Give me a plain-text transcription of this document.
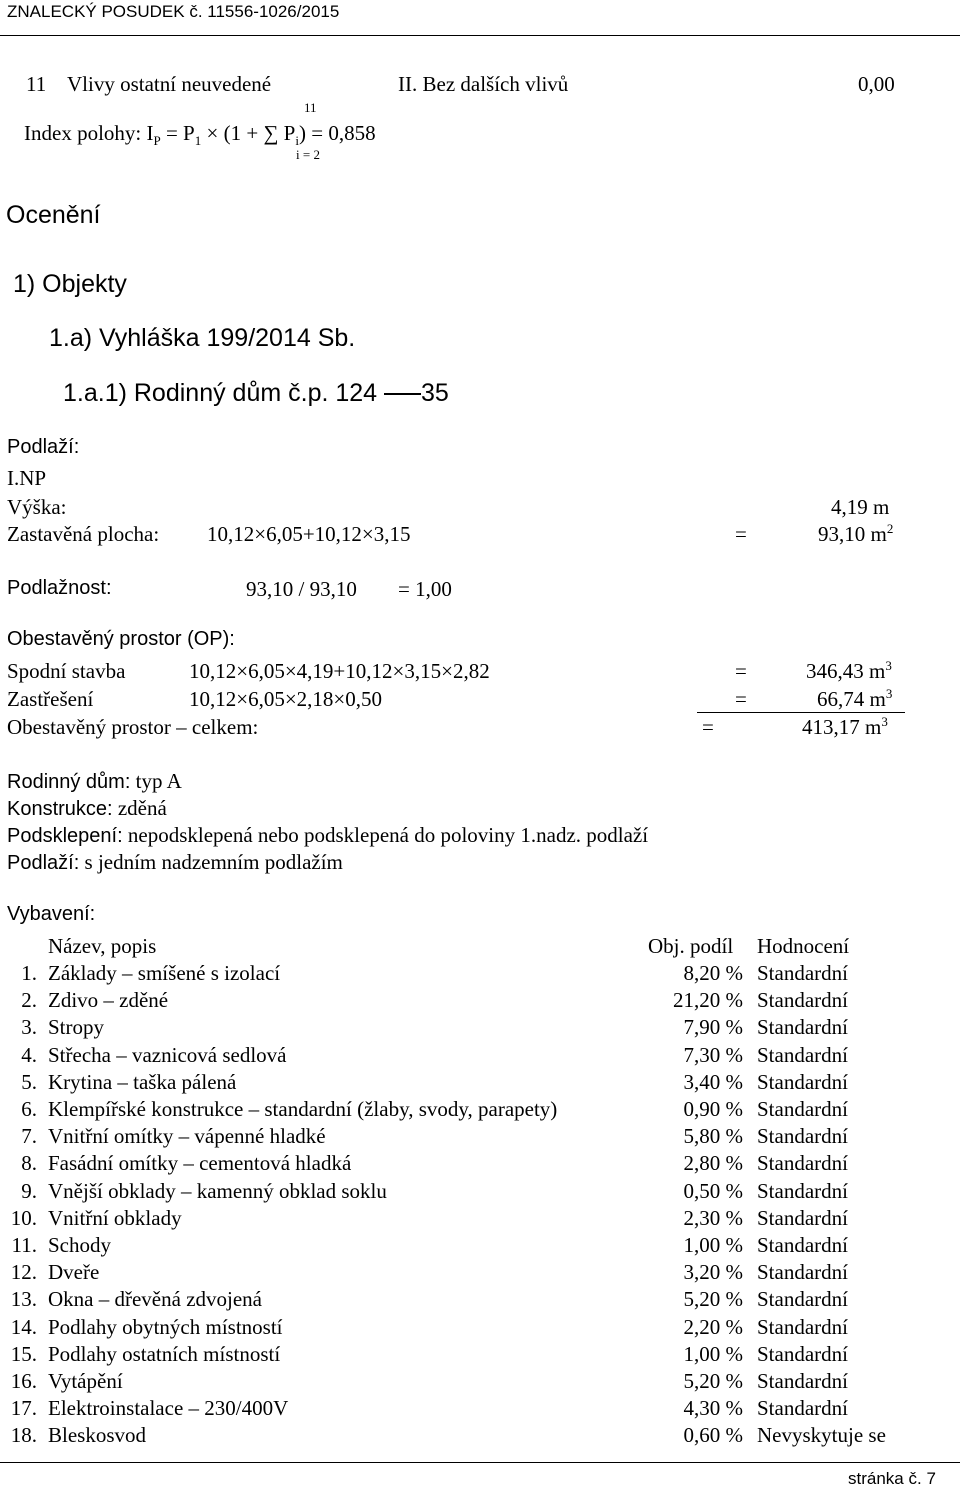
ZNALECKÝ POSUDEK č. 11556-1026/2015
11 Vlivy ostatní neuvedené	II. Bez dalších vlivů	0,00
11
Index polohy: $I_P = P_1 \times (1$ + ∑ $P_i) = 0,858$
i = 2
Ocenění
1) Objekty
1.a) Vyhláška 199/2014 Sb.
1.a.1) Rodinný dům č.p. 124 35
Podlaží:
I.NP
Výška:	4,19 m
Zastavěná plocha: 10,12×6,05+10,12×3,15	=	93,10 $m^2$
Podlažnost:	93,10 / 93,10 = 1,00
Obestavěný prostor (OP):
Spodní stavba	10,12×6,05×4,19+10,12×3,15×2,82	=	346,43 $m^3$
Zastřešení	10,12×6,05×2,18×0,50	=	66,74 $m^3$
Obestavěný prostor – celkem:	=	413,17 $m^3$
Rodinný dům: typ A
Konstrukce: zděná
Podsklepení: nepodsklepená nebo podsklepená do poloviny 1.nadz. podlaží
Podlaží: s jedním nadzemním podlažím
Vybavení:
Název, popis	Obj. podíl Hodnocení
1. Základy – smíšené s izolací	8,20 % Standardní
2. Zdivo – zděné	21,20 % Standardní
3. Stropy	7,90 % Standardní
4. Střecha – vaznicová sedlová	7,30 % Standardní
5. Krytina – taška pálená	3,40 % Standardní
6. Klempířské konstrukce – standardní (žlaby, svody, parapety)	0,90 % Standardní
7. Vnitřní omítky – vápenné hladké	5,80 % Standardní
8. Fasádní omítky – cementová hladká	2,80 % Standardní
9. Vnější obklady – kamenný obklad soklu	0,50 % Standardní
10. Vnitřní obklady	2,30 % Standardní
11. Schody	1,00 % Standardní
12. Dveře	3,20 % Standardní
13. Okna – dřevěná zdvojená	5,20 % Standardní
14. Podlahy obytných místností	2,20 % Standardní
15. Podlahy ostatních místností	1,00 % Standardní
16. Vytápění	5,20 % Standardní
17. Elektroinstalace – 230/400V	4,30 % Standardní
18. Bleskosvod	0,60 % Nevyskytuje se
stránka č. 7
